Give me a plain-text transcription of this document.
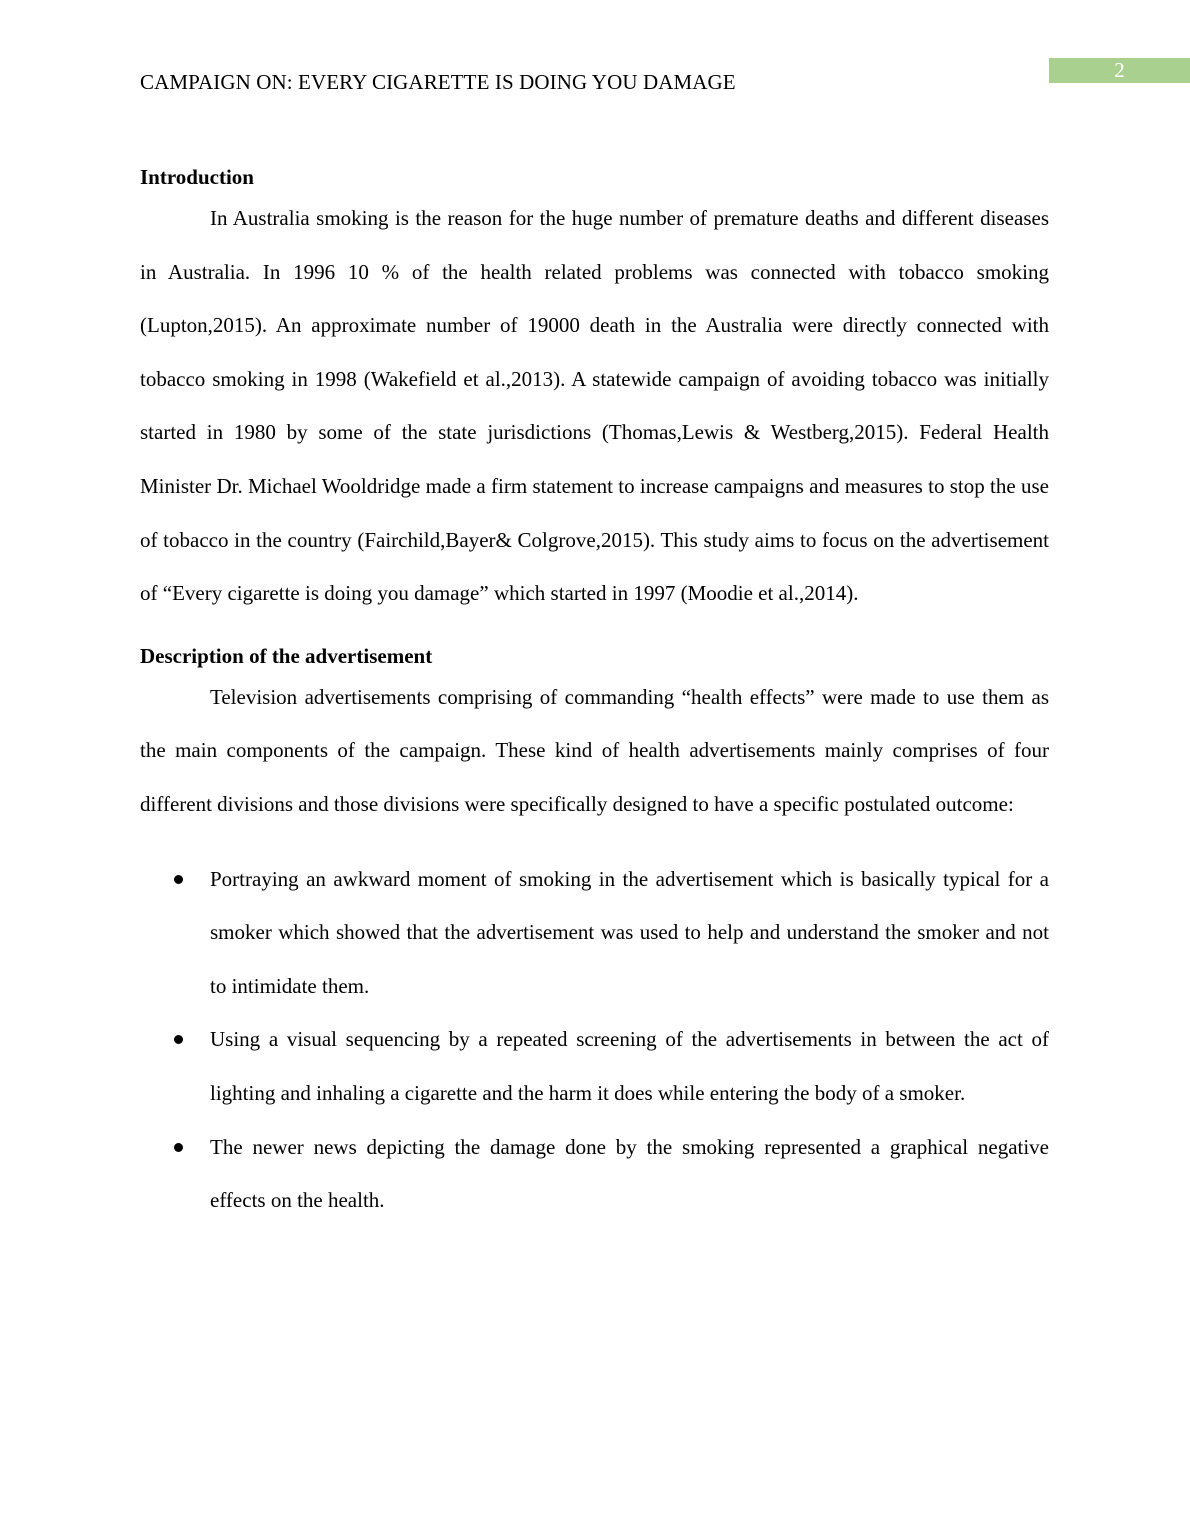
2
CAMPAIGN ON: EVERY CIGARETTE IS DOING YOU DAMAGE
Introduction

In Australia smoking is the reason for the huge number of premature deaths and different diseases in Australia. In 1996 10 % of the health related problems was connected with tobacco smoking (Lupton,2015). An approximate number of 19000 death in the Australia were directly connected with tobacco smoking in 1998 (Wakefield et al.,2013). A statewide campaign of avoiding tobacco was initially started in 1980 by some of the state jurisdictions (Thomas,Lewis & Westberg,2015). Federal Health Minister Dr. Michael Wooldridge made a firm statement to increase campaigns and measures to stop the use of tobacco in the country (Fairchild,Bayer& Colgrove,2015). This study aims to focus on the advertisement of “Every cigarette is doing you damage” which started in 1997 (Moodie et al.,2014).

Description of the advertisement

Television advertisements comprising of commanding “health effects” were made to use them as the main components of the campaign. These kind of health advertisements mainly comprises of four different divisions and those divisions were specifically designed to have a specific postulated outcome:

Portraying an awkward moment of smoking in the advertisement which is basically typical for a smoker which showed that the advertisement was used to help and understand the smoker and not to intimidate them.
Using a visual sequencing by a repeated screening of the advertisements in between the act of lighting and inhaling a cigarette and the harm it does while entering the body of a smoker.
The newer news depicting the damage done by the smoking represented a graphical negative effects on the health.
